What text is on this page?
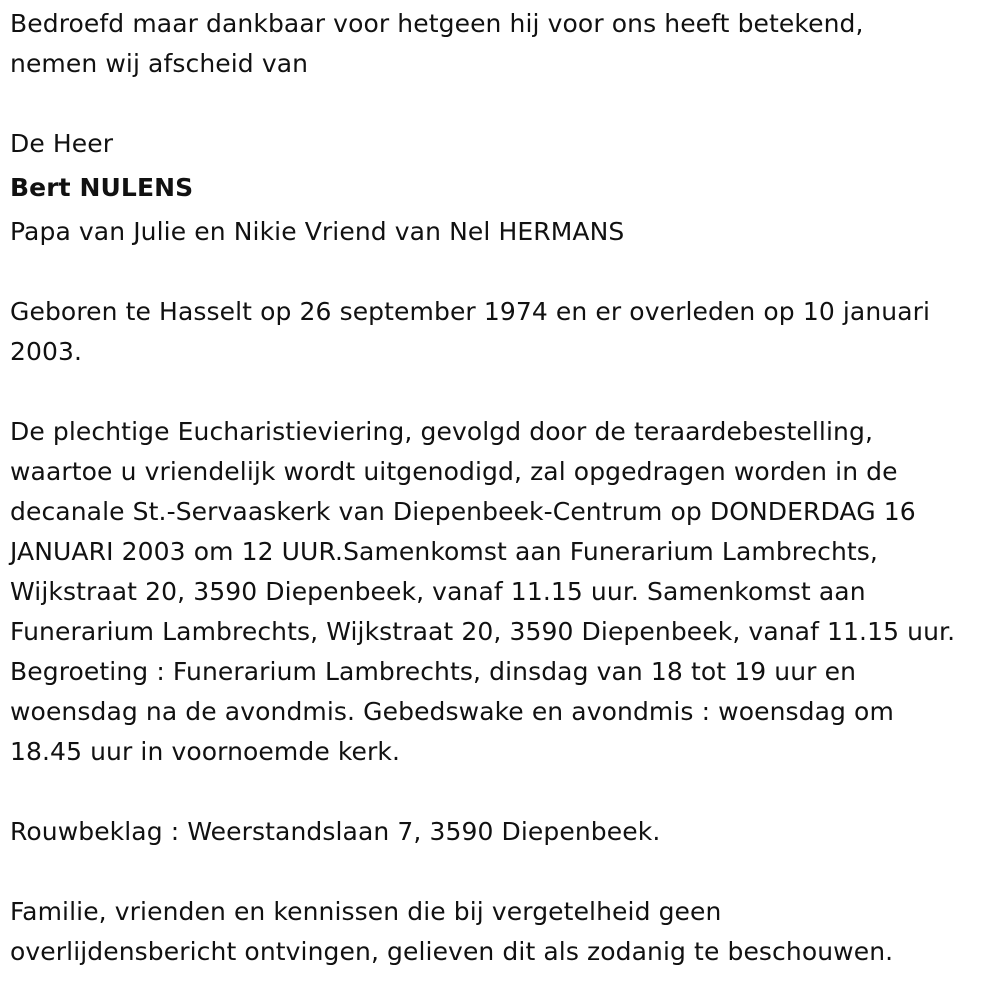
Bedroefd maar dankbaar voor hetgeen hij voor ons heeft betekend,
nemen wij afscheid van
De Heer
Bert NULENS
Papa van Julie en Nikie Vriend van Nel HERMANS
Geboren te Hasselt op 26 september 1974 en er overleden op 10 januari
2003.
De plechtige Eucharistieviering, gevolgd door de teraardebestelling,
waartoe u vriendelijk wordt uitgenodigd, zal opgedragen worden in de
decanale St.-Servaaskerk van Diepenbeek-Centrum op DONDERDAG 16
JANUARI 2003 om 12 UUR.Samenkomst aan Funerarium Lambrechts,
Wijkstraat 20, 3590 Diepenbeek, vanaf 11.15 uur. Samenkomst aan
Funerarium Lambrechts, Wijkstraat 20, 3590 Diepenbeek, vanaf 11.15 uur.
Begroeting : Funerarium Lambrechts, dinsdag van 18 tot 19 uur en
woensdag na de avondmis. Gebedswake en avondmis : woensdag om
18.45 uur in voornoemde kerk.
Rouwbeklag : Weerstandslaan 7, 3590 Diepenbeek.
Familie, vrienden en kennissen die bij vergetelheid geen
overlijdensbericht ontvingen, gelieven dit als zodanig te beschouwen.
